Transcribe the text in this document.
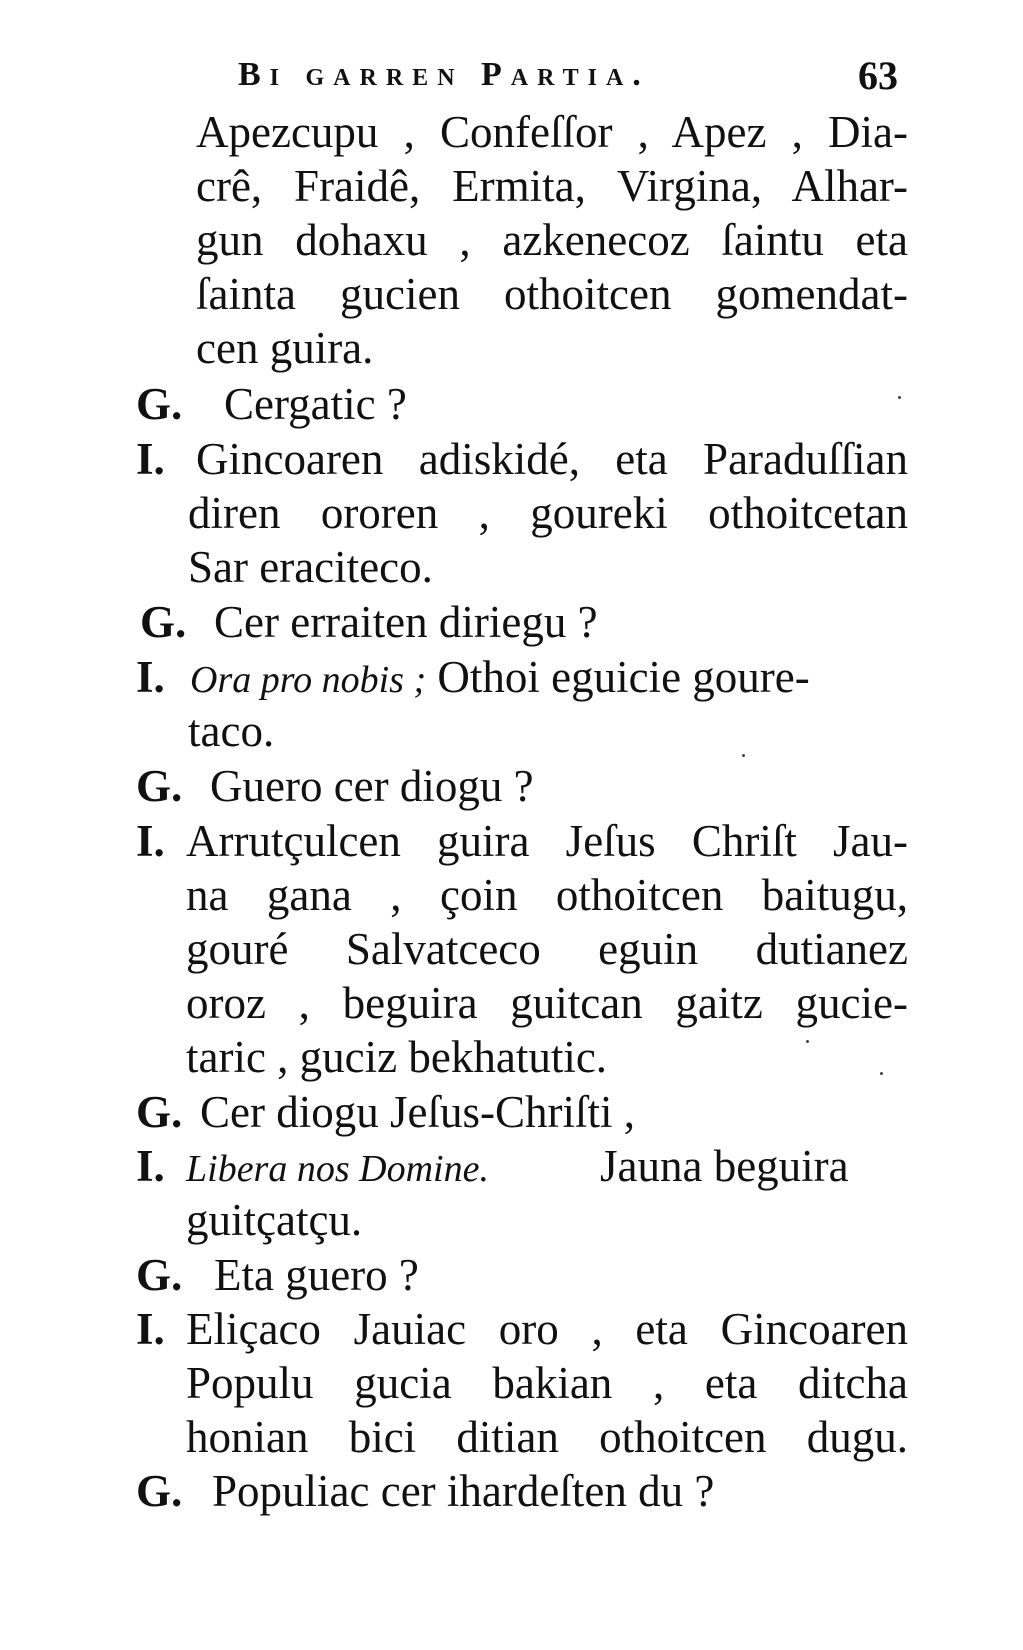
Bi garren Partia.	63
Apezcupu , Confeſſor , Apez , Dia-
crê, Fraidê, Ermita, Virgina, Alhar-
gun dohaxu , azkenecoz ſaintu eta
ſainta gucien othoitcen gomendat-
cen guira.
G. Cergatic ?
I. Gincoaren adiskidé, eta Paraduſſian
diren ororen , goureki othoitcetan
Sar eraciteco.
G. Cer erraiten diriegu ?
I. Ora pro nobis ; Othoi eguicie goure-
taco.
G. Guero cer diogu ?
I. Arrutçulcen guira Jeſus Chriſt Jau-
na gana , çoin othoitcen baitugu,
gouré Salvatceco eguin dutianez
oroz , beguira guitcan gaitz gucie-
taric , guciz bekhatutic.
G. Cer diogu Jeſus-Chriſti ,
I. Libera nos Domine. Jauna beguira
guitçatçu.
G. Eta guero ?
I. Eliçaco Jauiac oro , eta Gincoaren
Populu gucia bakian , eta ditcha
honian bici ditian othoitcen dugu.
G. Populiac cer ihardeſten du ?
